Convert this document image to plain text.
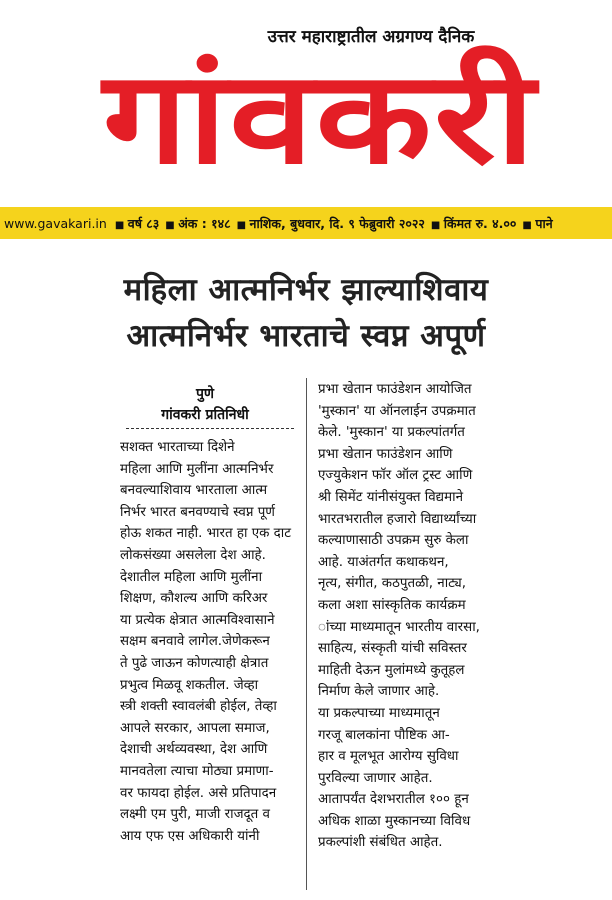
उत्तर महाराष्ट्रातील अग्रगण्य दैनिक
गांवकरी
www.gavakari.in	■ वर्ष ८३	■ अंक : १४८	■ नाशिक, बुधवार, दि. ९ फेब्रुवारी २०२२	■ किंमत रु. ४.००	■ पाने
महिला आत्मनिर्भर झाल्याशिवाय
आत्मनिर्भर भारताचे स्वप्न अपूर्ण
पुणे
गांवकरी प्रतिनिधी
सशक्त भारताच्या दिशेने
महिला आणि मुलींना आत्मनिर्भर
बनवल्याशिवाय भारताला आत्म
निर्भर भारत बनवण्याचे स्वप्न पूर्ण
होऊ शकत नाही. भारत हा एक दाट
लोकसंख्या असलेला देश आहे.
देशातील महिला आणि मुलींना
शिक्षण, कौशल्य आणि करिअर
या प्रत्येक क्षेत्रात आत्मविश्वासाने
सक्षम बनवावे लागेल.जेणेकरून
ते पुढे जाऊन कोणत्याही क्षेत्रात
प्रभुत्व मिळवू शकतील. जेव्हा
स्त्री शक्ती स्वावलंबी होईल, तेव्हा
आपले सरकार, आपला समाज,
देशाची अर्थव्यवस्था, देश आणि
मानवतेला त्याचा मोठ्या प्रमाणा-
वर फायदा होईल. असे प्रतिपादन
लक्ष्मी एम पुरी, माजी राजदूत व
आय एफ एस अधिकारी यांनी
प्रभा खेतान फाउंडेशन आयोजित
'मुस्कान' या ऑनलाईन उपक्रमात
केले. 'मुस्कान' या प्रकल्पांतर्गत
प्रभा खेतान फाउंडेशन आणि
एज्युकेशन फॉर ऑल ट्रस्ट आणि
श्री सिमेंट यांनीसंयुक्त विद्यमाने
भारतभरातील हजारो विद्यार्थ्यांच्या
कल्याणासाठी उपक्रम सुरु केला
आहे. याअंतर्गत कथाकथन,
नृत्य, संगीत, कठपुतळी, नाट्य,
कला अशा सांस्कृतिक कार्यक्रम
ांच्या माध्यमातून भारतीय वारसा,
साहित्य, संस्कृती यांची सविस्तर
माहिती देऊन मुलांमध्ये कुतूहल
निर्माण केले जाणार आहे.
या प्रकल्पाच्या माध्यमातून
गरजू बालकांना पौष्टिक आ-
हार व मूलभूत आरोग्य सुविधा
पुरविल्या जाणार आहेत.
आतापर्यंत देशभरातील १०० हून
अधिक शाळा मुस्कानच्या विविध
प्रकल्पांशी संबंधित आहेत.
